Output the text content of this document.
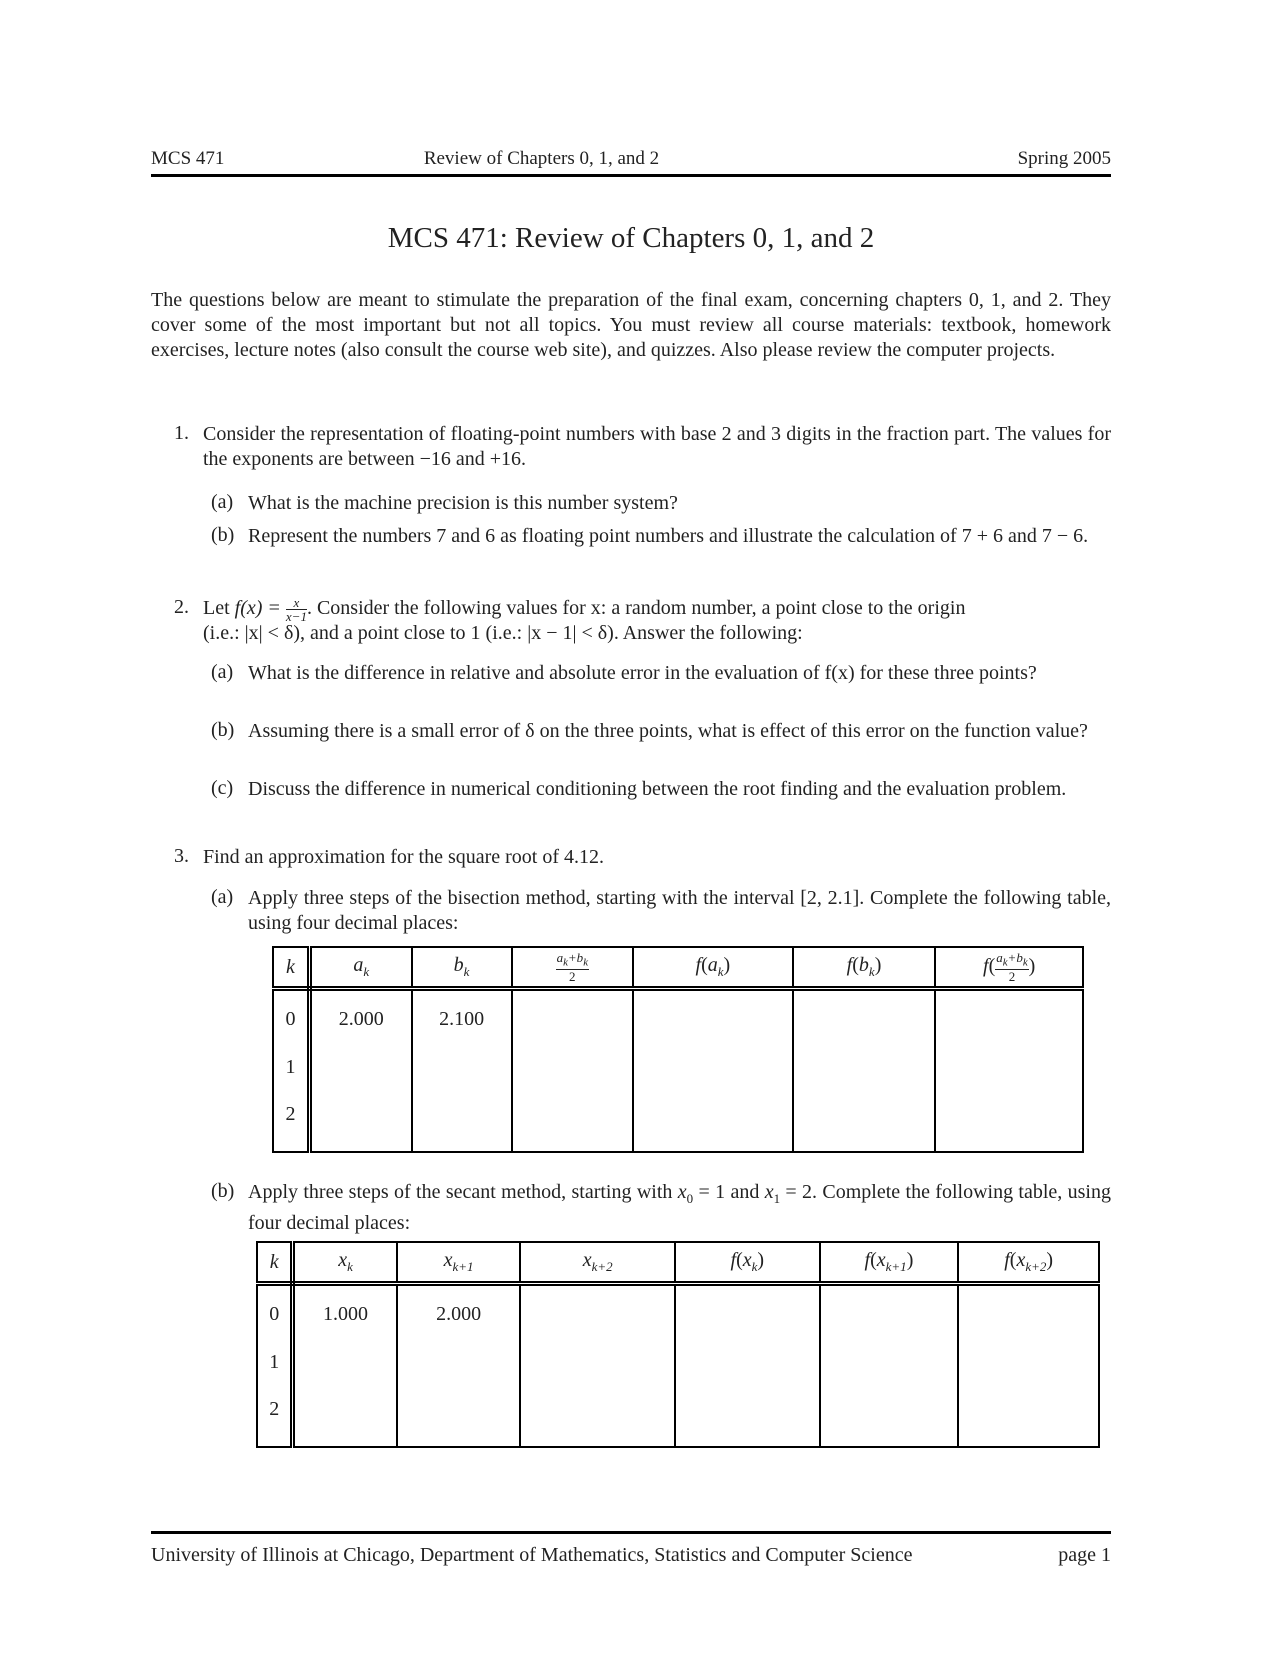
MCS 471	Review of Chapters 0, 1, and 2	Spring 2005
MCS 471: Review of Chapters 0, 1, and 2
The questions below are meant to stimulate the preparation of the final exam, concerning chapters 0, 1, and 2. They cover some of the most important but not all topics. You must review all course materials: textbook, homework exercises, lecture notes (also consult the course web site), and quizzes. Also please review the computer projects.
1. Consider the representation of floating-point numbers with base 2 and 3 digits in the fraction part. The values for the exponents are between −16 and +16.
(a) What is the machine precision is this number system?
(b) Represent the numbers 7 and 6 as floating point numbers and illustrate the calculation of 7 + 6 and 7 − 6.
2. Let $f(x) = \frac{x}{x-1}$ . Consider the following values for x: a random number, a point close to the origin
(i.e.: |x| < δ), and a point close to 1 (i.e.: |x − 1| < δ). Answer the following:
(a) What is the difference in relative and absolute error in the evaluation of f(x) for these three points?
(b) Assuming there is a small error of δ on the three points, what is effect of this error on the function value?
(c) Discuss the difference in numerical conditioning between the root finding and the evaluation problem.
3. Find an approximation for the square root of 4.12.
(a) Apply three steps of the bisection method, starting with the interval [2, 2.1]. Complete the following table, using four decimal places:
k	$a_k$	$b_k$	$\frac{a_k+b_k}{2}$	$f(a_k)$	$f(b_k)$	$f( \frac{a_k+b_k}{2}$ )
0	2.000	2.100				
1						
2						
(b) Apply three steps of the secant method, starting with $x_0 = 1$ and $x_1 = 2$. Complete the following table, using four decimal places:
k	$x_k$	$x_{k+1}$	$x_{k+2}$	$f(x_k)$	$f(x_{k+1})$	$f(x_{k+2})$
0	1.000	2.000				
1						
2						
University of Illinois at Chicago, Department of Mathematics, Statistics and Computer Science	page 1
